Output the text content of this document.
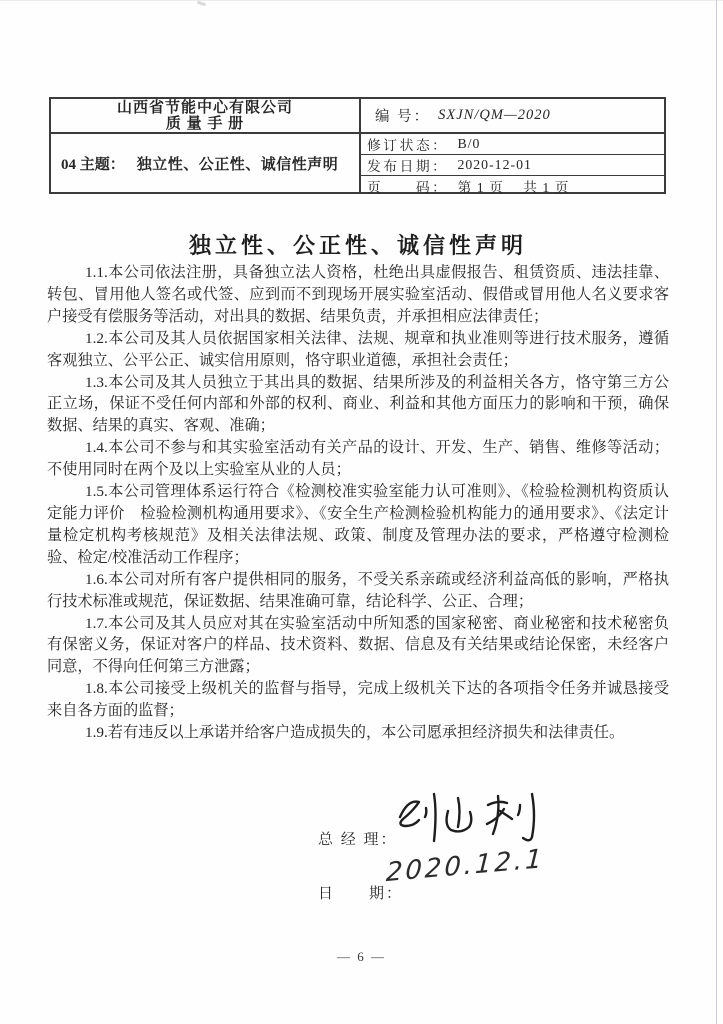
山西省节能中心有限公司
质 量 手 册	编 号： SXJN/QM—2020
04 主题： 独立性、公正性、诚信性声明
修订状态： B/0
发布日期： 2020-12-01
页　　码： 第 1 页　 共 1 页
独立性、公正性、诚信性声明

1.1.本公司依法注册，具备独立法人资格，杜绝出具虚假报告、租赁资质、违法挂靠、转包、冒用他人签名或代签、应到而不到现场开展实验室活动、假借或冒用他人名义要求客户接受有偿服务等活动，对出具的数据、结果负责，并承担相应法律责任；

1.2.本公司及其人员依据国家相关法律、法规、规章和执业准则等进行技术服务，遵循客观独立、公平公正、诚实信用原则，恪守职业道德，承担社会责任；

1.3.本公司及其人员独立于其出具的数据、结果所涉及的利益相关各方，恪守第三方公正立场，保证不受任何内部和外部的权利、商业、利益和其他方面压力的影响和干预，确保数据、结果的真实、客观、准确；

1.4.本公司不参与和其实验室活动有关产品的设计、开发、生产、销售、维修等活动；不使用同时在两个及以上实验室从业的人员；

1.5.本公司管理体系运行符合《检测校准实验室能力认可准则》、《检验检测机构资质认定能力评价　检验检测机构通用要求》、《安全生产检测检验机构能力的通用要求》、《法定计量检定机构考核规范》及相关法律法规、政策、制度及管理办法的要求，严格遵守检测检验、检定/校准活动工作程序；

1.6.本公司对所有客户提供相同的服务，不受关系亲疏或经济利益高低的影响，严格执行技术标准或规范，保证数据、结果准确可靠，结论科学、公正、合理；

1.7.本公司及其人员应对其在实验室活动中所知悉的国家秘密、商业秘密和技术秘密负有保密义务，保证对客户的样品、技术资料、数据、信息及有关结果或结论保密，未经客户同意，不得向任何第三方泄露；

1.8.本公司接受上级机关的监督与指导，完成上级机关下达的各项指令任务并诚恳接受来自各方面的监督；

1.9.若有违反以上承诺并给客户造成损失的，本公司愿承担经济损失和法律责任。

总 经 理：
日　　期：
2020.12.1
— 6 —
